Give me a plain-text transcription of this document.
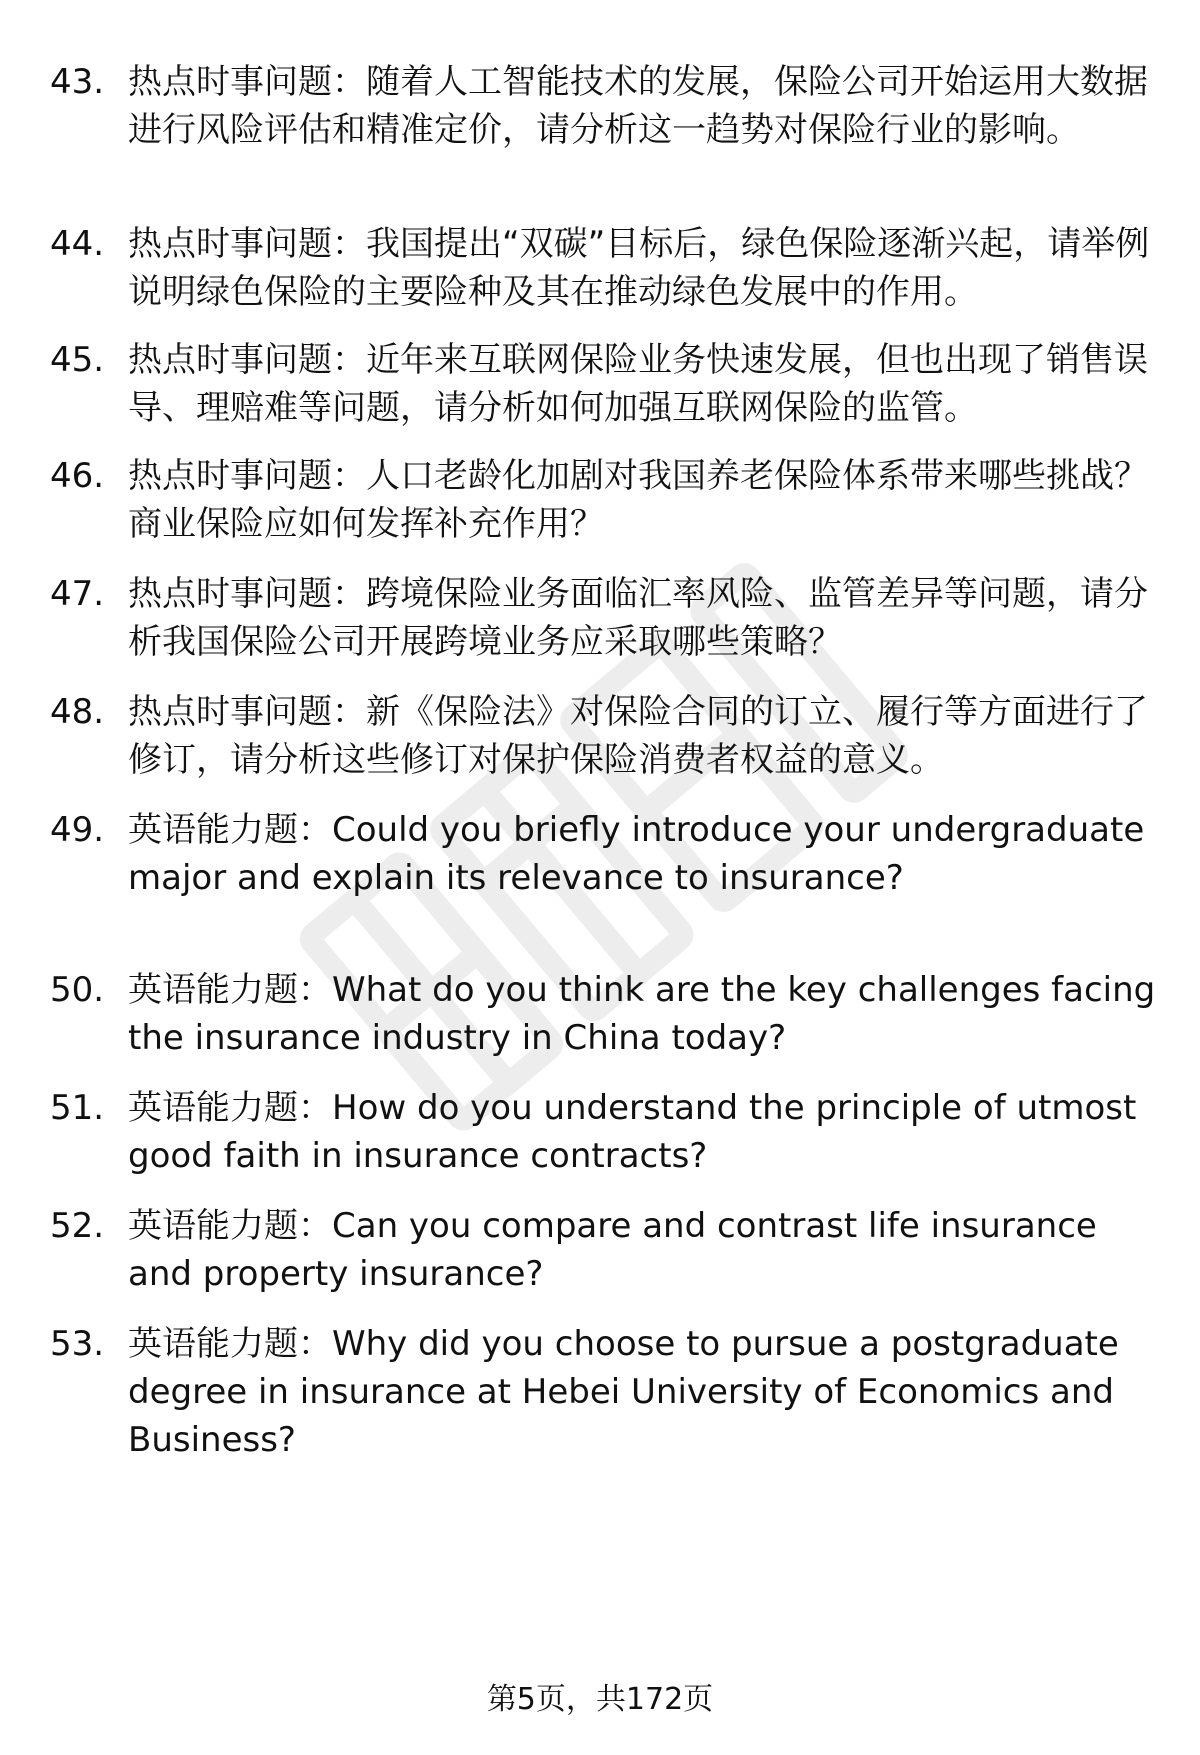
43. 热点时事问题：随着人工智能技术的发展，保险公司开始运用大数据进行风险评估和精准定价，请分析这一趋势对保险行业的影响。
44. 热点时事问题：我国提出“双碳”目标后，绿色保险逐渐兴起，请举例说明绿色保险的主要险种及其在推动绿色发展中的作用。
45. 热点时事问题：近年来互联网保险业务快速发展，但也出现了销售误导、理赔难等问题，请分析如何加强互联网保险的监管。
46. 热点时事问题：人口老龄化加剧对我国养老保险体系带来哪些挑战？商业保险应如何发挥补充作用？
47. 热点时事问题：跨境保险业务面临汇率风险、监管差异等问题，请分析我国保险公司开展跨境业务应采取哪些策略？
48. 热点时事问题：新《保险法》对保险合同的订立、履行等方面进行了修订，请分析这些修订对保护保险消费者权益的意义。
49. 英语能力题：Could you briefly introduce your undergraduate major and explain its relevance to insurance?
50. 英语能力题：What do you think are the key challenges facing the insurance industry in China today?
51. 英语能力题：How do you understand the principle of utmost good faith in insurance contracts?
52. 英语能力题：Can you compare and contrast life insurance and property insurance?
53. 英语能力题：Why did you choose to pursue a postgraduate degree in insurance at Hebei University of Economics and Business?
第5页，共172页
